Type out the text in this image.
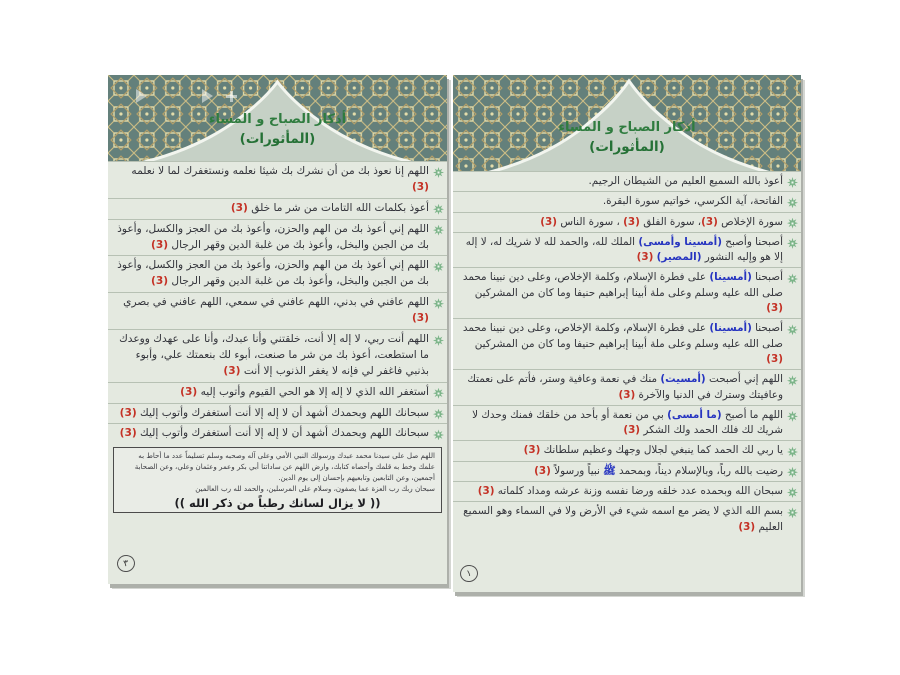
أذكار الصباح و المساء
(المأثورات)

اللهم إنا نعوذ بك من أن نشرك بك شيئا نعلمه ونستغفرك لما لا نعلمه (3)

أعوذ بكلمات الله التامات من شر ما خلق (3)

اللهم إني أعوذ بك من الهم والحزن، وأعوذ بك من العجز والكسل، وأعوذ بك من الجبن والبخل، وأعوذ بك من غلبة الدين وقهر الرجال (3)

اللهم إني أعوذ بك من الهم والحزن، وأعوذ بك من العجز والكسل، وأعوذ بك من الجبن والبخل، وأعوذ بك من غلبة الدين وقهر الرجال (3)

اللهم عافني في بدني، اللهم عافني في سمعي، اللهم عافني في بصري (3)

اللهم أنت ربي، لا إله إلا أنت، خلقتني وأنا عبدك، وأنا على عهدك ووعدك ما استطعت، أعوذ بك من شر ما صنعت، أبوء لك بنعمتك علي، وأبوء بذنبي فاغفر لي فإنه لا يغفر الذنوب إلا أنت (3)

أستغفر الله الذي لا إله إلا هو الحي القيوم وأتوب إليه (3)

سبحانك اللهم وبحمدك أشهد أن لا إله إلا أنت أستغفرك وأتوب إليك (3)

سبحانك اللهم وبحمدك أشهد أن لا إله إلا أنت أستغفرك وأتوب إليك (3)

اللهم صل على سيدنا محمد عبدك ورسولك النبي الأمي وعلى آله وصحبه وسلم تسليماً عدد ما أحاط به علمك وخط به قلمك وأحصاه كتابك، وارض اللهم عن ساداتنا أبي بكر وعمر وعثمان وعلي، وعن الصحابة أجمعين، وعن التابعين وتابعيهم بإحسان إلى يوم الدين.

سبحان ربك رب العزة عما يصفون، وسلام على المرسلين، والحمد لله رب العالمين

(( لا يزال لسانك رطباً من ذكر الله ))

٣
أذكار الصباح و المساء
(المأثورات)

أعوذ بالله السميع العليم من الشيطان الرجيم.

الفاتحة، آية الكرسي، خواتيم سورة البقرة.

سورة الإخلاص (3)، سورة الفلق (3) ، سورة الناس (3)

أصبحنا وأصبح (أمسينا وأمسى) الملك لله، والحمد لله لا شريك له، لا إله إلا هو وإليه النشور (المصير) (3)

أصبحنا (أمسينا) على فطرة الإسلام، وكلمة الإخلاص، وعلى دين نبينا محمد صلى الله عليه وسلم وعلى ملة أبينا إبراهيم حنيفا وما كان من المشركين (3)

أصبحنا (أمسينا) على فطرة الإسلام، وكلمة الإخلاص، وعلى دين نبينا محمد صلى الله عليه وسلم وعلى ملة أبينا إبراهيم حنيفا وما كان من المشركين (3)

اللهم إني أصبحت (أمسيت) منك في نعمة وعافية وستر، فأتم على نعمتك وعافيتك وسترك في الدنيا والآخرة (3)

اللهم ما أصبح (ما أمسى) بي من نعمة أو بأحد من خلقك فمنك وحدك لا شريك لك فلك الحمد ولك الشكر (3)

يا ربي لك الحمد كما ينبغي لجلال وجهك وعظيم سلطانك (3)

رضيت بالله رباً، وبالإسلام ديناً، وبمحمد ﷺ نبياً ورسولاً (3)

سبحان الله وبحمده عدد خلقه ورضا نفسه وزنة عرشه ومداد كلماته (3)

بسم الله الذي لا يضر مع اسمه شيء في الأرض ولا في السماء وهو السميع العليم (3)

١
